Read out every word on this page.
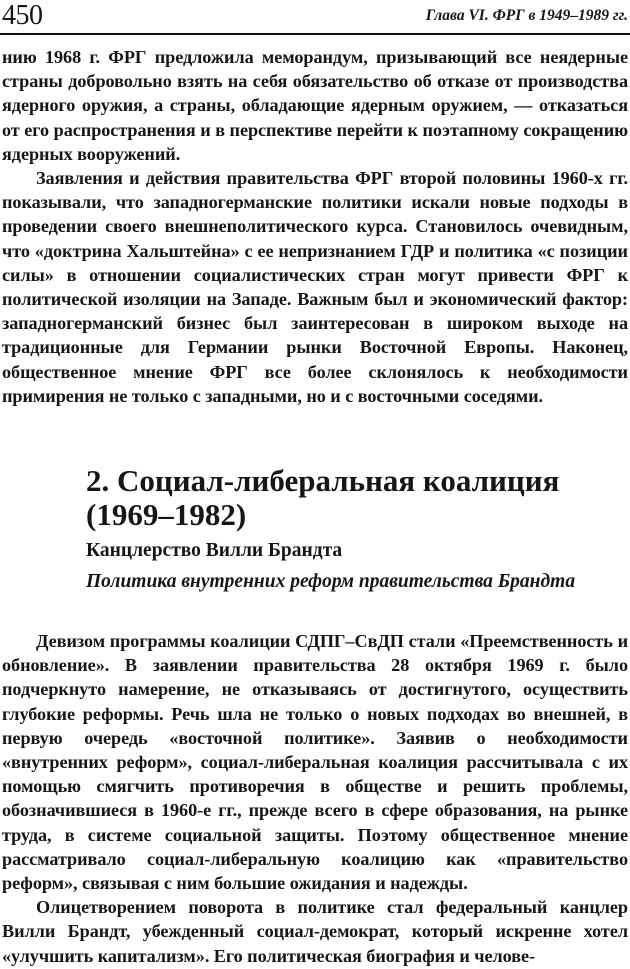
450	Глава VI. ФРГ в 1949–1989 гг.

нию 1968 г. ФРГ предложила меморандум, призывающий все неядерные страны добровольно взять на себя обязательство об отказе от производства ядерного оружия, а страны, обладающие ядерным оружием, — отказаться от его распространения и в перспективе перейти к поэтапному сокращению ядерных вооружений.

Заявления и действия правительства ФРГ второй половины 1960-х гг. показывали, что западногерманские политики искали новые подходы в проведении своего внешнеполитического курса. Становилось очевидным, что «доктрина Хальштейна» с ее непризнанием ГДР и политика «с позиции силы» в отношении социалистических стран могут привести ФРГ к политической изоляции на Западе. Важным был и экономический фактор: западногерманский бизнес был заинтересован в широком выходе на традиционные для Германии рынки Восточной Европы. Наконец, общественное мнение ФРГ все более склонялось к необходимости примирения не только с западными, но и с восточными соседями.

2. Социал-либеральная коалиция (1969–1982)
Канцлерство Вилли Брандта
Политика внутренних реформ правительства Брандта

Девизом программы коалиции СДПГ–СвДП стали «Преемственность и обновление». В заявлении правительства 28 октября 1969 г. было подчеркнуто намерение, не отказываясь от достигнутого, осуществить глубокие реформы. Речь шла не только о новых подходах во внешней, в первую очередь «восточной политике». Заявив о необходимости «внутренних реформ», социал-либеральная коалиция рассчитывала с их помощью смягчить противоречия в обществе и решить проблемы, обозначившиеся в 1960-е гг., прежде всего в сфере образования, на рынке труда, в системе социальной защиты. Поэтому общественное мнение рассматривало социал-либеральную коалицию как «правительство реформ», связывая с ним большие ожидания и надежды.

Олицетворением поворота в политике стал федеральный канцлер Вилли Брандт, убежденный социал-демократ, который искренне хотел «улучшить капитализм». Его политическая биография и челове-
